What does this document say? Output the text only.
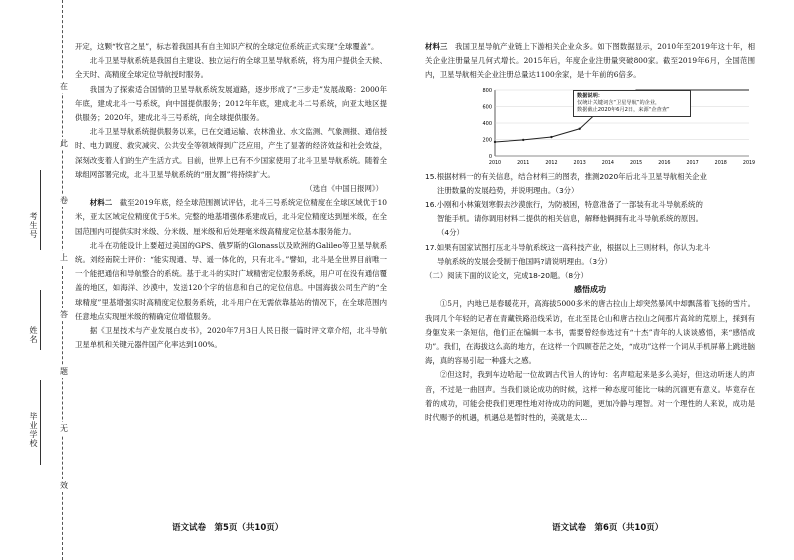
考生号
姓名
毕业学校
在
此
卷
上
答
题
无
效

开定，这颗“牧官之星”，标志着我国具有自主知识产权的全球定位系统正式实现“全球覆盖”。

北斗卫星导航系统是我国自主建设、独立运行的全球卫星导航系统，将为用户提供全天候、全天时、高精度全球定位导航授时服务。

我国为了探索适合国情的卫星导航系统发展道路，逐步形成了“三步走”发展战略：2000年年底，建成北斗一号系统，向中国提供服务；2012年年底，建成北斗二号系统，向亚太地区提供服务；2020年，建成北斗三号系统，向全球提供服务。

北斗卫星导航系统提供服务以来，已在交通运输、农林渔业、水文监测、气象测报、通信授时、电力调度、救灾减灾、公共安全等领域得到广泛应用，产生了显著的经济效益和社会效益，深刻改变着人们的生产生活方式。目前，世界上已有不少国家使用了北斗卫星导航系统。随着全球组网部署完成，北斗卫星导航系统的“朋友圈”将持续扩大。

（选自《中国日报网》）

材料二　 截至2019年底，经全球范围测试评估，北斗三号系统定位精度在全球区域优于10米，亚太区域定位精度优于5米。完整的地基增强体系建成后，北斗定位精度达到厘米级，在全国范围内可提供实时米级、分米级、厘米级和后处理毫米级高精度定位基本服务能力。

北斗在功能设计上要超过美国的GPS、俄罗斯的Glonass以及欧洲的Galileo等卫星导航系统。刘经南院士评价：“能实现通、导、遥一体化的，只有北斗。”譬如，北斗是全世界目前唯一一个能把通信和导航整合的系统。基于北斗的实时广域精密定位服务系统，用户可在没有通信覆盖的地区，如海洋、沙漠中，发送120个字的信息和自己的定位信息。中国海拔公司生产的“全球精度”里基增强实时高精度定位服务系统，北斗用户在无需依靠基站的情况下，在全球范围内任意地点实现厘米级的精确定位增值服务。

据《卫星技术与产业发展白皮书》，2020年7月3日人民日报一篇时评文章介绍，北斗导航卫星单机和关键元器件国产化率达到100%。

语文试卷　第5页（共10页）

材料三　 我国卫星导航产业链上下游相关企业众多。如下图数据显示，2010年至2019年这十年，相关企业注册量呈几何式增长。2015年后，年度企业注册量突破800家。截至2019年6月，全国范围内，卫星导航相关企业注册总量达1100余家，是十年前的6倍多。

0
200
400
600
800
2010	2011	2012	2013	2014	2015	2016	2017	2018	2019
数据说明：
仅统计关键词含“卫星导航”的企业，
数据截止2020年6月2日，来源“企查查”
15.根据材料一的有关信息，结合材料三的图表，推测2020年后北斗卫星导航相关企业
注册数量的发展趋势，并说明理由。（3分）
16.小刚和小林策划寒假去沙漠旅行，为防被困，特意准备了一部装有北斗导航系统的
智能手机。请你调用材料二提供的相关信息，解释他俩拥有北斗导航系统的原因。
（4分）
17.如果有国家试图打压北斗导航系统这一高科技产业，根据以上三则材料，你认为北斗
导航系统的发展会受制于他国吗?请说明理由。（3分）
（二）阅读下面的议论文，完成18-20题。（8分）

感悟成功

①5月，内地已是春暖花开，高海拔5000多米的唐古拉山上却突然暴风中却飘荡着飞扬的雪片。我同几个年轻的记者在青藏铁路沿线采访，在北至昆仑山和唐古拉山之间那片高耸的荒原上，採到有身躯发来一条短信，他们正在编辑一本书，需要曾经参选过有“十杰”青年的人谈谈感悟，来“感悟成功”。我们，在海拔这么高的地方，在这样一个四顾苍茫之处，“成功”这样一个词从手机屏幕上跳进脑海，真的容易引起一种盛大之感。

②但这时，我到车边哈起一位故调古代旨人的诗句：名声喧起来是多么美好，但这动听迷人的声音，不过是一曲回声。当我们谈论成功的时候，这样一种态度可能比一味的沉湎更有意义。毕竟存在着的成功，可能会使我们更理性地对待成功的问题，更加冷静与理智。对一个理性的人来说，成功是时代赐予的机遇，机遇总是暂时性的，美就是太...

语文试卷　第6页（共10页）
